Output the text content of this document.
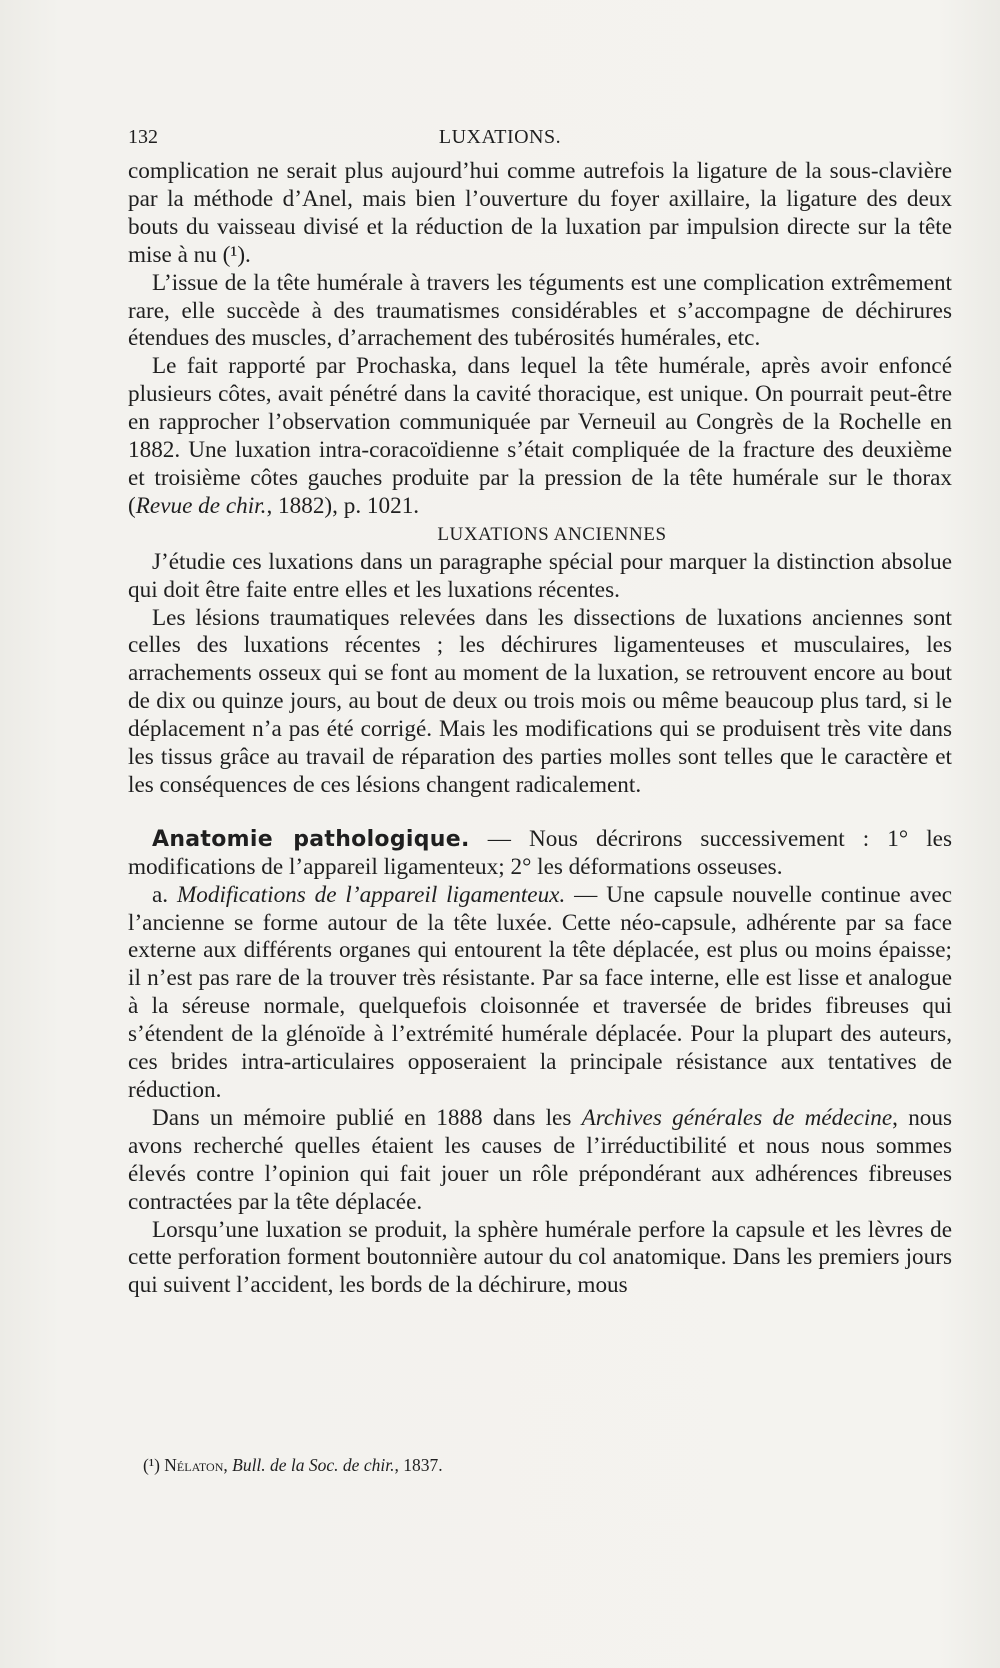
132	LUXATIONS.

complication ne serait plus aujourd’hui comme autrefois la ligature de la sous-clavière par la méthode d’Anel, mais bien l’ouverture du foyer axillaire, la ligature des deux bouts du vaisseau divisé et la réduction de la luxation par impulsion directe sur la tête mise à nu (¹).

L’issue de la tête humérale à travers les téguments est une complication extrêmement rare, elle succède à des traumatismes considérables et s’accompagne de déchirures étendues des muscles, d’arrachement des tubérosités humérales, etc.

Le fait rapporté par Prochaska, dans lequel la tête humérale, après avoir enfoncé plusieurs côtes, avait pénétré dans la cavité thoracique, est unique. On pourrait peut-être en rapprocher l’observation communiquée par Verneuil au Congrès de la Rochelle en 1882. Une luxation intra-coracoïdienne s’était compliquée de la fracture des deuxième et troisième côtes gauches produite par la pression de la tête humérale sur le thorax (Revue de chir., 1882), p. 1021.

LUXATIONS ANCIENNES

J’étudie ces luxations dans un paragraphe spécial pour marquer la distinction absolue qui doit être faite entre elles et les luxations récentes.

Les lésions traumatiques relevées dans les dissections de luxations anciennes sont celles des luxations récentes ; les déchirures ligamenteuses et musculaires, les arrachements osseux qui se font au moment de la luxation, se retrouvent encore au bout de dix ou quinze jours, au bout de deux ou trois mois ou même beaucoup plus tard, si le déplacement n’a pas été corrigé. Mais les modifications qui se produisent très vite dans les tissus grâce au travail de réparation des parties molles sont telles que le caractère et les conséquences de ces lésions changent radicalement.

Anatomie pathologique. — Nous décrirons successivement : 1° les modifications de l’appareil ligamenteux; 2° les déformations osseuses.

a. Modifications de l’appareil ligamenteux. — Une capsule nouvelle continue avec l’ancienne se forme autour de la tête luxée. Cette néo-capsule, adhérente par sa face externe aux différents organes qui entourent la tête déplacée, est plus ou moins épaisse; il n’est pas rare de la trouver très résistante. Par sa face interne, elle est lisse et analogue à la séreuse normale, quelquefois cloisonnée et traversée de brides fibreuses qui s’étendent de la glénoïde à l’extrémité humérale déplacée. Pour la plupart des auteurs, ces brides intra-articulaires opposeraient la principale résistance aux tentatives de réduction.

Dans un mémoire publié en 1888 dans les Archives générales de médecine, nous avons recherché quelles étaient les causes de l’irréductibilité et nous nous sommes élevés contre l’opinion qui fait jouer un rôle prépondérant aux adhérences fibreuses contractées par la tête déplacée.

Lorsqu’une luxation se produit, la sphère humérale perfore la capsule et les lèvres de cette perforation forment boutonnière autour du col anatomique. Dans les premiers jours qui suivent l’accident, les bords de la déchirure, mous

(¹) Nélaton, Bull. de la Soc. de chir., 1837.
